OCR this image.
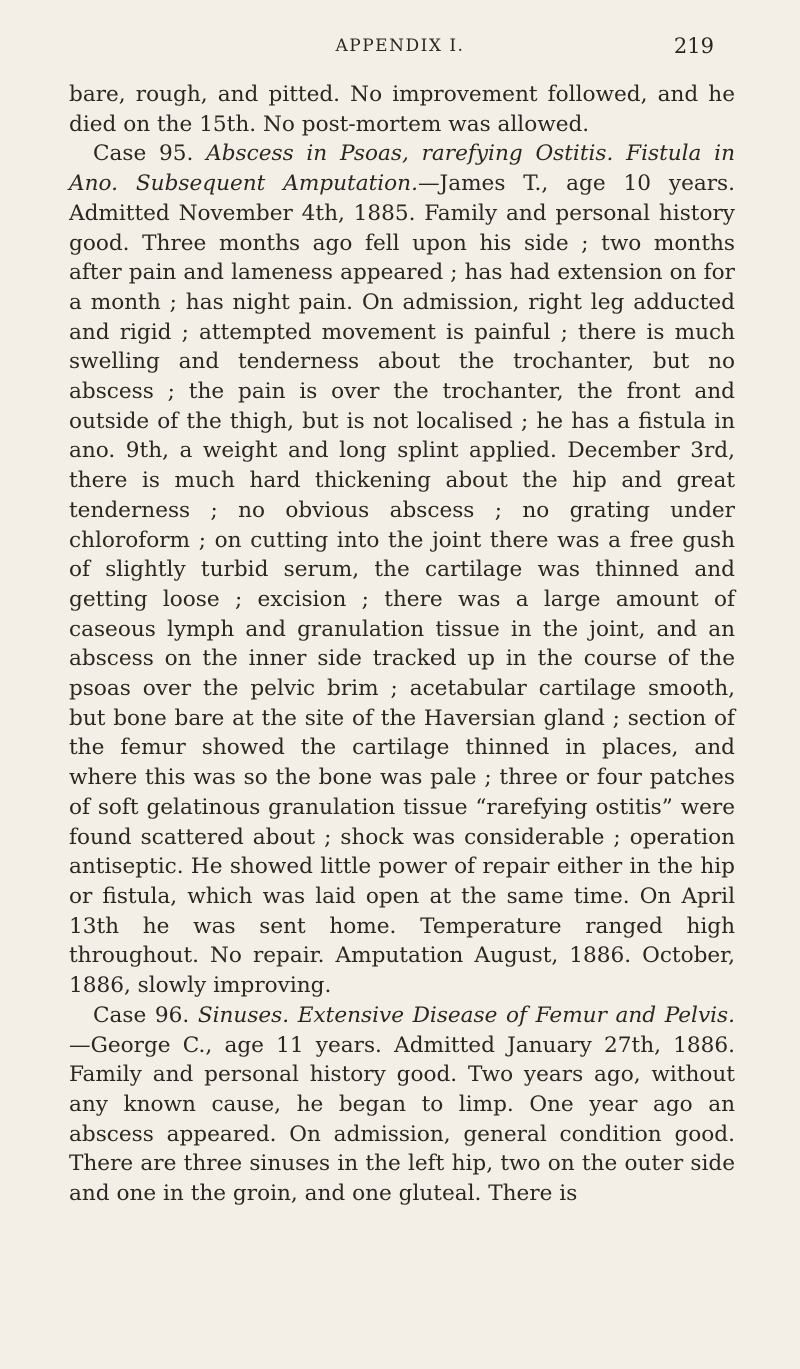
APPENDIX I.	219

bare, rough, and pitted. No improvement followed, and he died on the 15th. No post-mortem was allowed.

Case 95. Abscess in Psoas, rarefying Ostitis. Fistula in Ano. Subsequent Amputation.—James T., age 10 years. Admitted November 4th, 1885. Family and personal history good. Three months ago fell upon his side ; two months after pain and lameness appeared ; has had extension on for a month ; has night pain. On admission, right leg adducted and rigid ; attempted movement is painful ; there is much swelling and tenderness about the trochanter, but no abscess ; the pain is over the trochanter, the front and outside of the thigh, but is not localised ; he has a fistula in ano. 9th, a weight and long splint applied. December 3rd, there is much hard thickening about the hip and great tenderness ; no obvious abscess ; no grating under chloroform ; on cutting into the joint there was a free gush of slightly turbid serum, the cartilage was thinned and getting loose ; excision ; there was a large amount of caseous lymph and granulation tissue in the joint, and an abscess on the inner side tracked up in the course of the psoas over the pelvic brim ; acetabular cartilage smooth, but bone bare at the site of the Haversian gland ; section of the femur showed the cartilage thinned in places, and where this was so the bone was pale ; three or four patches of soft gelatinous granulation tissue “rarefying ostitis” were found scattered about ; shock was considerable ; operation antiseptic. He showed little power of repair either in the hip or fistula, which was laid open at the same time. On April 13th he was sent home. Temperature ranged high throughout. No repair. Amputation August, 1886. October, 1886, slowly improving.

Case 96. Sinuses. Extensive Disease of Femur and Pelvis.—George C., age 11 years. Admitted January 27th, 1886. Family and personal history good. Two years ago, without any known cause, he began to limp. One year ago an abscess appeared. On admission, general condition good. There are three sinuses in the left hip, two on the outer side and one in the groin, and one gluteal. There is
